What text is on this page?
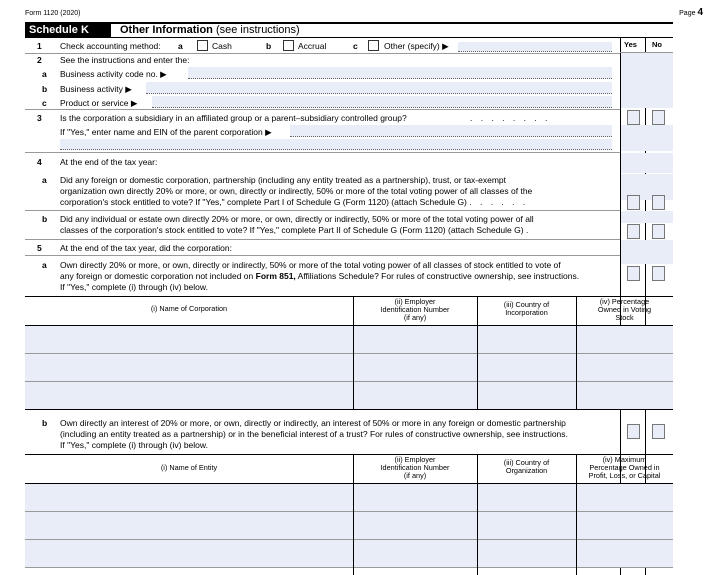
Form 1120 (2020)	Page 4
Schedule K	Other Information (see instructions)
Yes No
1 Check accounting method: a	Cash	b	Accrual	c	Other (specify) ▶
2 See the instructions and enter the:
a Business activity code no. ▶
b Business activity ▶
c Product or service ▶
3 Is the corporation a subsidiary in an affiliated group or a parent–subsidiary controlled group?	. . . . . . . .
If "Yes," enter name and EIN of the parent corporation ▶
4 At the end of the tax year:
a Did any foreign or domestic corporation, partnership (including any entity treated as a partnership), trust, or tax-exempt
organization own directly 20% or more, or own, directly or indirectly, 50% or more of the total voting power of all classes of the
corporation's stock entitled to vote? If "Yes," complete Part I of Schedule G (Form 1120) (attach Schedule G) . . . . . .
b Did any individual or estate own directly 20% or more, or own, directly or indirectly, 50% or more of the total voting power of all
classes of the corporation's stock entitled to vote? If "Yes," complete Part II of Schedule G (Form 1120) (attach Schedule G) .
5 At the end of the tax year, did the corporation:
a Own directly 20% or more, or own, directly or indirectly, 50% or more of the total voting power of all classes of stock entitled to vote of
any foreign or domestic corporation not included on Form 851, Affiliations Schedule? For rules of constructive ownership, see instructions.
If "Yes," complete (i) through (iv) below.
(i) Name of Corporation
(ii) Employer
Identification Number
(if any)
(iii) Country of
Incorporation
(iv) Percentage
Owned in Voting
Stock
b Own directly an interest of 20% or more, or own, directly or indirectly, an interest of 50% or more in any foreign or domestic partnership
(including an entity treated as a partnership) or in the beneficial interest of a trust? For rules of constructive ownership, see instructions.
If "Yes," complete (i) through (iv) below.
(i) Name of Entity
(ii) Employer
Identification Number
(if any)
(iii) Country of
Organization
(iv) Maximum
Percentage Owned in
Profit, Loss, or Capital
